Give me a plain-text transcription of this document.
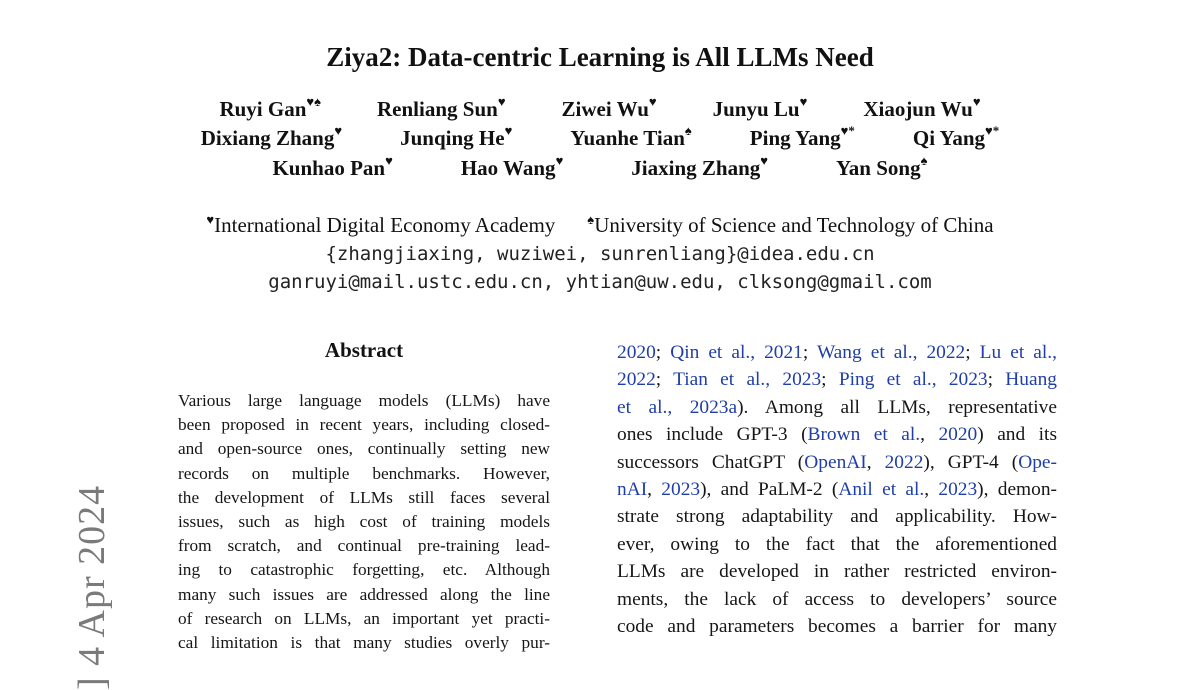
Ziya2: Data-centric Learning is All LLMs Need
Ruyi Gan♥♠	Renliang Sun♥	Ziwei Wu♥	Junyu Lu♥	Xiaojun Wu♥
Dixiang Zhang♥	Junqing He♥	Yuanhe Tian♠	Ping Yang♥*	Qi Yang♥*
Kunhao Pan♥	Hao Wang♥	Jiaxing Zhang♥	Yan Song♠
♥International Digital Economy Academy ♠University of Science and Technology of China
{zhangjiaxing, wuziwei, sunrenliang}@idea.edu.cn
ganruyi@mail.ustc.edu.cn, yhtian@uw.edu, clksong@gmail.com
] 4 Apr 2024
Abstract
Various large language models (LLMs) have
been proposed in recent years, including closed-
and open-source ones, continually setting new
records on multiple benchmarks. However,
the development of LLMs still faces several
issues, such as high cost of training models
from scratch, and continual pre-training lead-
ing to catastrophic forgetting, etc. Although
many such issues are addressed along the line
of research on LLMs, an important yet practi-
cal limitation is that many studies overly pur-
2020; Qin et al., 2021; Wang et al., 2022; Lu et al.,
2022; Tian et al., 2023; Ping et al., 2023; Huang
et al., 2023a). Among all LLMs, representative
ones include GPT-3 (Brown et al., 2020) and its
successors ChatGPT (OpenAI, 2022), GPT-4 (Ope-
nAI, 2023), and PaLM-2 (Anil et al., 2023), demon-
strate strong adaptability and applicability. How-
ever, owing to the fact that the aforementioned
LLMs are developed in rather restricted environ-
ments, the lack of access to developers’ source
code and parameters becomes a barrier for many
